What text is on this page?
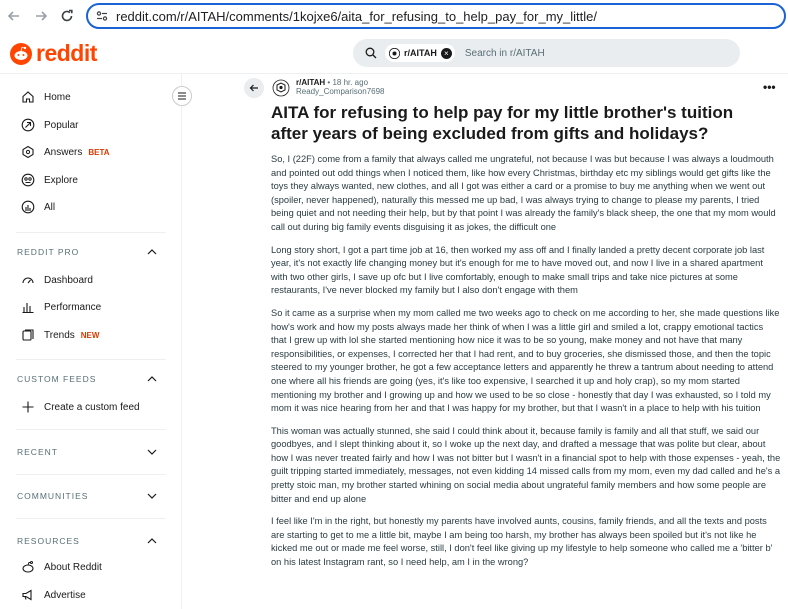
reddit.com/r/AITAH/comments/1kojxe6/aita_for_refusing_to_help_pay_for_my_little/
reddit	r/AITAH ×	Search in r/AITAH
Home
Popular
Answers BETA
Explore
All
REDDIT PRO
Dashboard
Performance
Trends NEW
CUSTOM FEEDS
Create a custom feed
RECENT
COMMUNITIES
RESOURCES
About Reddit
Advertise
r/AITAH • 18 hr. ago
Ready_Comparison7698	•••
AITA for refusing to help pay for my little brother's tuition after years of being excluded from gifts and holidays?

So, I (22F) come from a family that always called me ungrateful, not because I was but because I was always a loudmouth and pointed out odd things when I noticed them, like how every Christmas, birthday etc my siblings would get gifts like the toys they always wanted, new clothes, and all I got was either a card or a promise to buy me anything when we went out (spoiler, never happened), naturally this messed me up bad, I was always trying to change to please my parents, I tried being quiet and not needing their help, but by that point I was already the family's black sheep, the one that my mom would call out during big family events disguising it as jokes, the difficult one

Long story short, I got a part time job at 16, then worked my ass off and I finally landed a pretty decent corporate job last year, it's not exactly life changing money but it's enough for me to have moved out, and now I live in a shared apartment with two other girls, I save up ofc but I live comfortably, enough to make small trips and take nice pictures at some restaurants, I've never blocked my family but I also don't engage with them

So it came as a surprise when my mom called me two weeks ago to check on me according to her, she made questions like how's work and how my posts always made her think of when I was a little girl and smiled a lot, crappy emotional tactics that I grew up with lol she started mentioning how nice it was to be so young, make money and not have that many responsibilities, or expenses, I corrected her that I had rent, and to buy groceries, she dismissed those, and then the topic steered to my younger brother, he got a few acceptance letters and apparently he threw a tantrum about needing to attend one where all his friends are going (yes, it's like too expensive, I searched it up and holy crap), so my mom started mentioning my brother and I growing up and how we used to be so close - honestly that day I was exhausted, so I told my mom it was nice hearing from her and that I was happy for my brother, but that I wasn't in a place to help with his tuition

This woman was actually stunned, she said I could think about it, because family is family and all that stuff, we said our goodbyes, and I slept thinking about it, so I woke up the next day, and drafted a message that was polite but clear, about how I was never treated fairly and how I was not bitter but I wasn't in a financial spot to help with those expenses - yeah, the guilt tripping started immediately, messages, not even kidding 14 missed calls from my mom, even my dad called and he's a pretty stoic man, my brother started whining on social media about ungrateful family members and how some people are bitter and end up alone

I feel like I'm in the right, but honestly my parents have involved aunts, cousins, family friends, and all the texts and posts are starting to get to me a little bit, maybe I am being too harsh, my brother has always been spoiled but it's not like he kicked me out or made me feel worse, still, I don't feel like giving up my lifestyle to help someone who called me a 'bitter b' on his latest Instagram rant, so I need help, am I in the wrong?
